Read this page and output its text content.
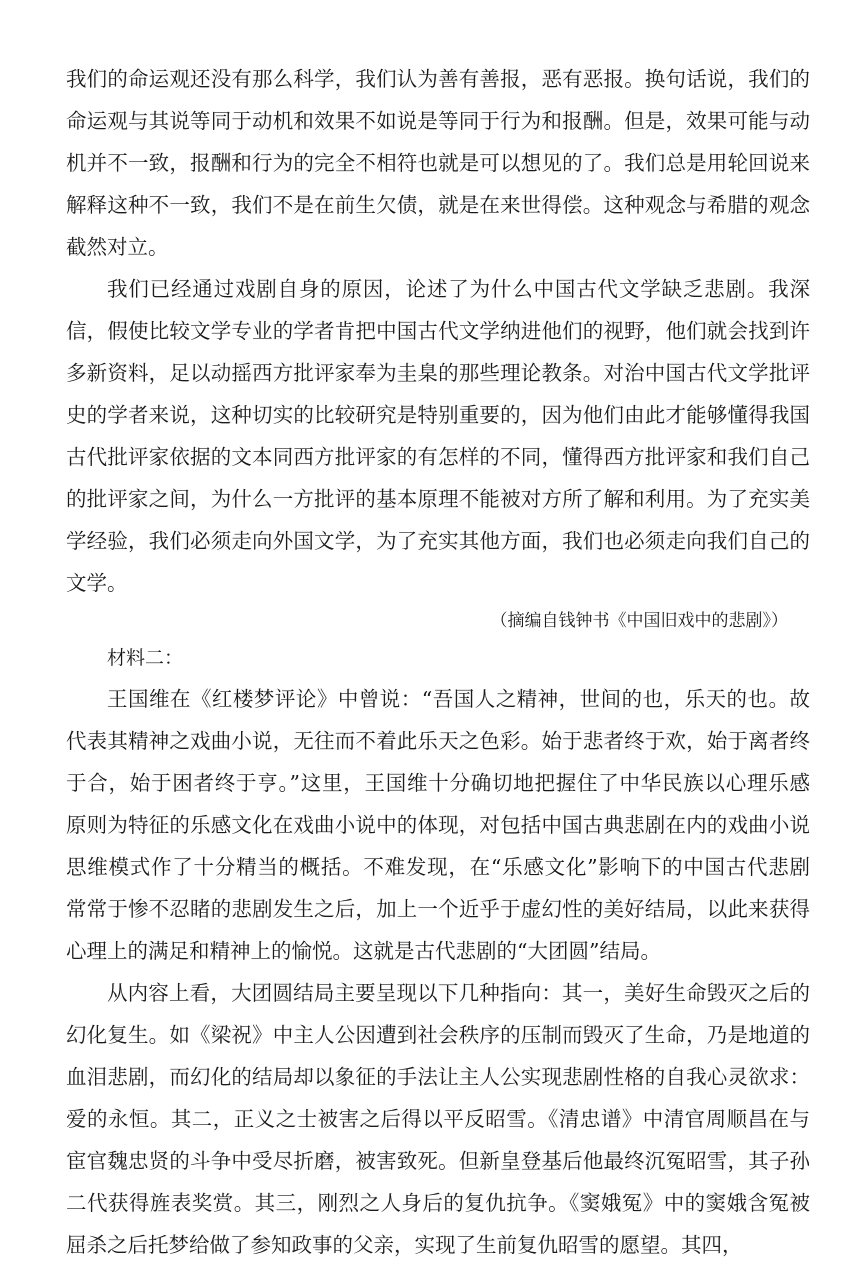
我们的命运观还没有那么科学，我们认为善有善报，恶有恶报。换句话说，我们的
命运观与其说等同于动机和效果不如说是等同于行为和报酬。但是，效果可能与动
机并不一致，报酬和行为的完全不相符也就是可以想见的了。我们总是用轮回说来
解释这种不一致，我们不是在前生欠债，就是在来世得偿。这种观念与希腊的观念
截然对立。
我们已经通过戏剧自身的原因，论述了为什么中国古代文学缺乏悲剧。我深
信，假使比较文学专业的学者肯把中国古代文学纳进他们的视野，他们就会找到许
多新资料，足以动摇西方批评家奉为圭臬的那些理论教条。对治中国古代文学批评
史的学者来说，这种切实的比较研究是特别重要的，因为他们由此才能够懂得我国
古代批评家依据的文本同西方批评家的有怎样的不同，懂得西方批评家和我们自己
的批评家之间，为什么一方批评的基本原理不能被对方所了解和利用。为了充实美
学经验，我们必须走向外国文学，为了充实其他方面，我们也必须走向我们自己的
文学。
（摘编自钱钟书《中国旧戏中的悲剧》）
材料二：
王国维在《红楼梦评论》中曾说：“吾国人之精神，世间的也，乐天的也。故
代表其精神之戏曲小说，无往而不着此乐天之色彩。始于悲者终于欢，始于离者终
于合，始于困者终于亨。”这里，王国维十分确切地把握住了中华民族以心理乐感
原则为特征的乐感文化在戏曲小说中的体现，对包括中国古典悲剧在内的戏曲小说
思维模式作了十分精当的概括。不难发现，在“乐感文化”影响下的中国古代悲剧
常常于惨不忍睹的悲剧发生之后，加上一个近乎于虚幻性的美好结局，以此来获得
心理上的满足和精神上的愉悦。这就是古代悲剧的“大团圆”结局。
从内容上看，大团圆结局主要呈现以下几种指向：其一，美好生命毁灭之后的
幻化复生。如《梁祝》中主人公因遭到社会秩序的压制而毁灭了生命，乃是地道的
血泪悲剧，而幻化的结局却以象征的手法让主人公实现悲剧性格的自我心灵欲求：
爱的永恒。其二，正义之士被害之后得以平反昭雪。《清忠谱》中清官周顺昌在与
宦官魏忠贤的斗争中受尽折磨，被害致死。但新皇登基后他最终沉冤昭雪，其子孙
二代获得旌表奖赏。其三，刚烈之人身后的复仇抗争。《窦娥冤》中的窦娥含冤被
屈杀之后托梦给做了参知政事的父亲，实现了生前复仇昭雪的愿望。其四，
